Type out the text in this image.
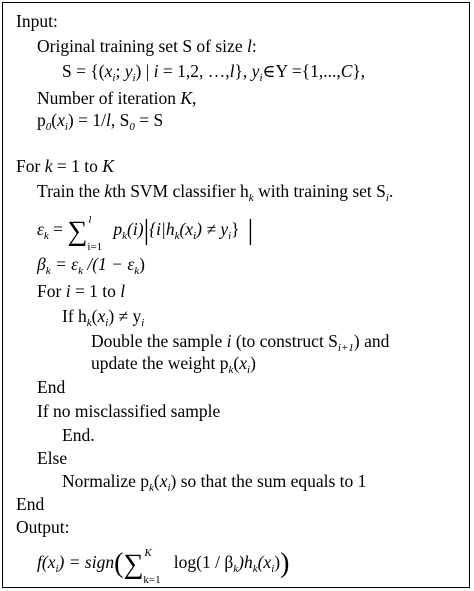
Input:
Original training set S of size l:
$S = \{(x_i$; $y_i$) | i = 1,2, …,l}, $y_i\in Y =\{1,...,C\}$,
Number of iteration K,
$p_0(x_i) = 1/l$, $S_0 = S$
For k = 1 to K
Train the kth SVM classifier $h_k$ with training set $S_i$.
$\varepsilon_k$ = ∑ l
i=1
$p_k(i)|\{i|h_k(x_i) \ne y_i\}$ |
$\beta_k = \varepsilon_k$ $/(1 - \varepsilon_k)$
For i = 1 to l
If $h_k(x_i) \ne y_i$
Double the sample i (to construct $S_{i+1}$) and
update the weight $p_k(x_i)$
End
If no misclassified sample
End.
Else
Normalize $p_k(x_i)$ so that the sum equals to 1
End
Output:
$f(x_i)$ = sign(∑ K
k=1
$\log(1 / \beta_k)h_k(x_i)$)
